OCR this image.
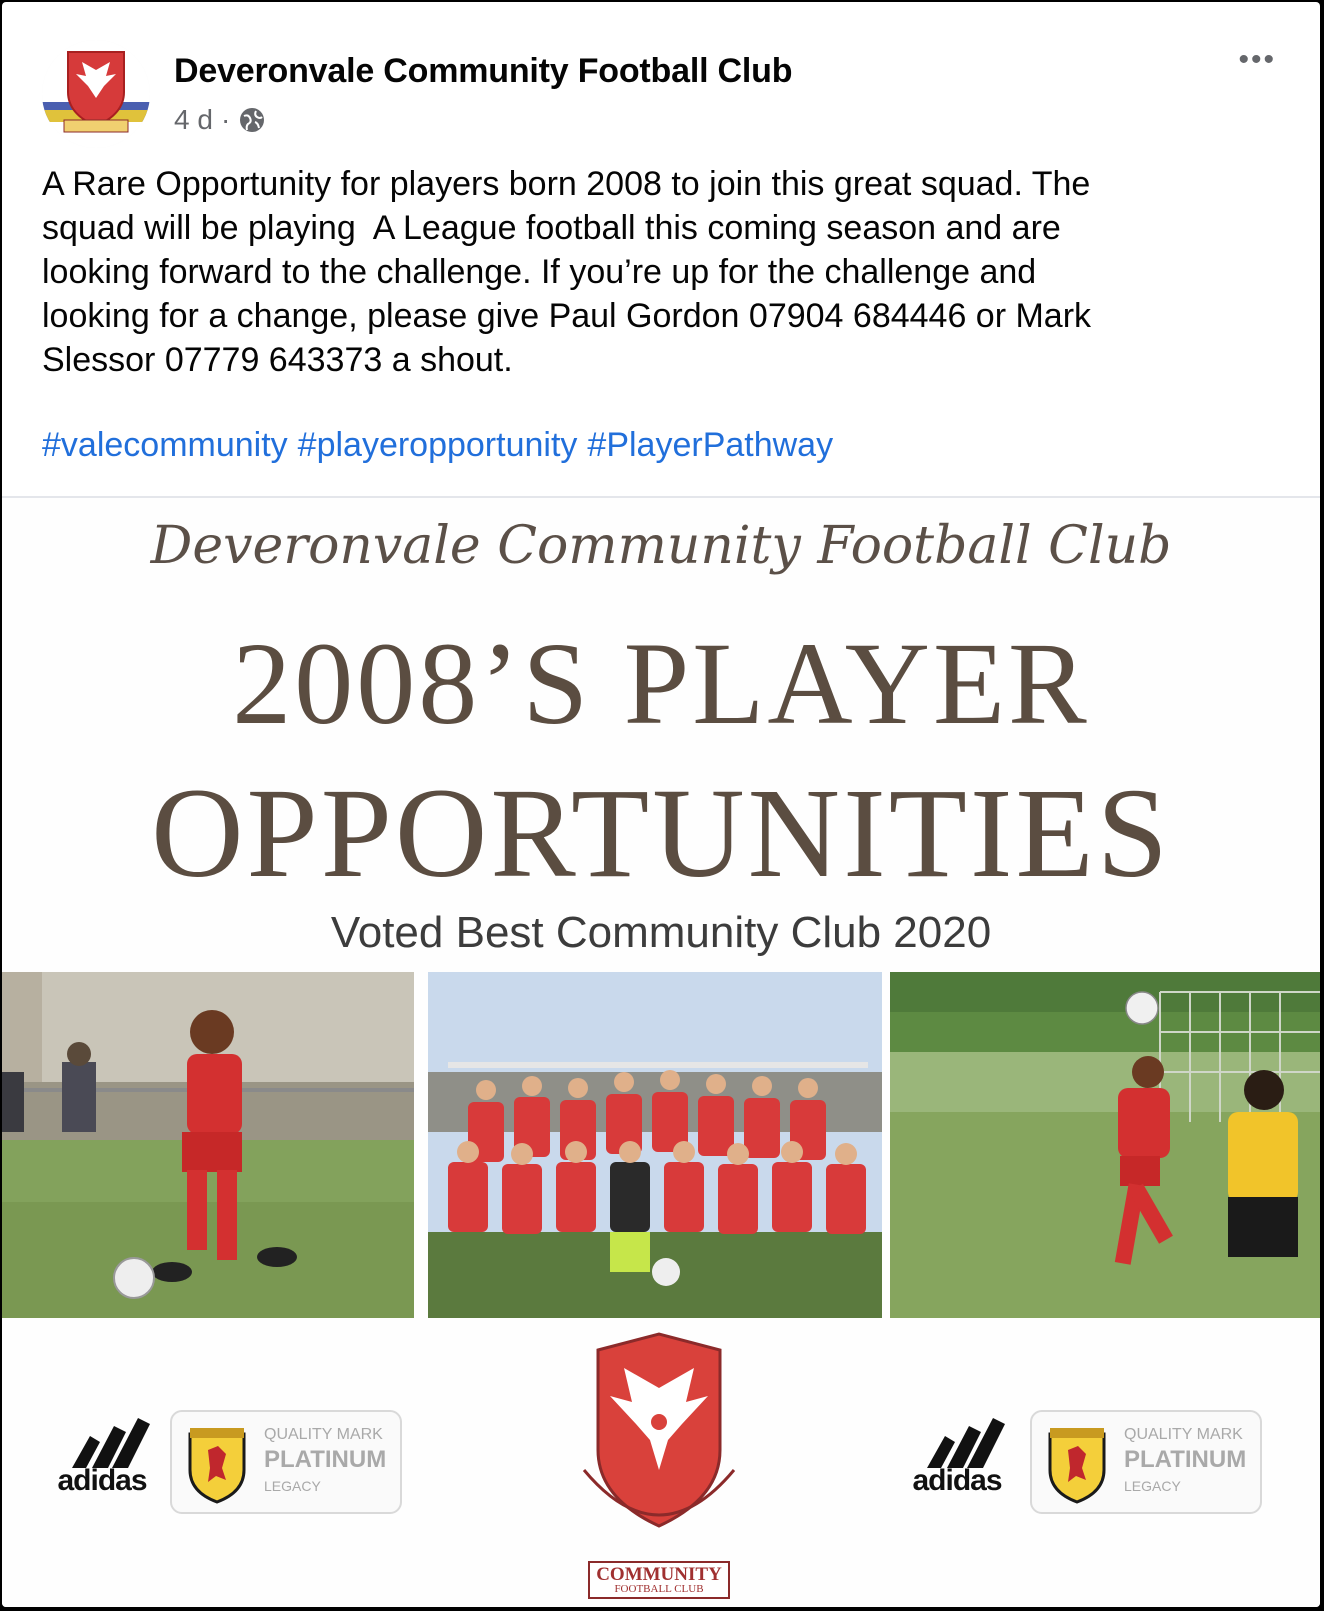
Deveronvale Community Football Club
4 d ·
•••
A Rare Opportunity for players born 2008 to join this great squad. The
squad will be playing  A League football this coming season and are
looking forward to the challenge. If you’re up for the challenge and
looking for a change, please give Paul Gordon 07904 684446 or Mark
Slessor 07779 643373 a shout.
#valecommunity #playeropportunity #PlayerPathway
Deveronvale Community Football Club
2008’S PLAYER
OPPORTUNITIES
Voted Best Community Club 2020
adidas	adidas
QUALITY MARK
PLATINUM
LEGACY
QUALITY MARK
PLATINUM
LEGACY
COMMUNITY
FOOTBALL CLUB
